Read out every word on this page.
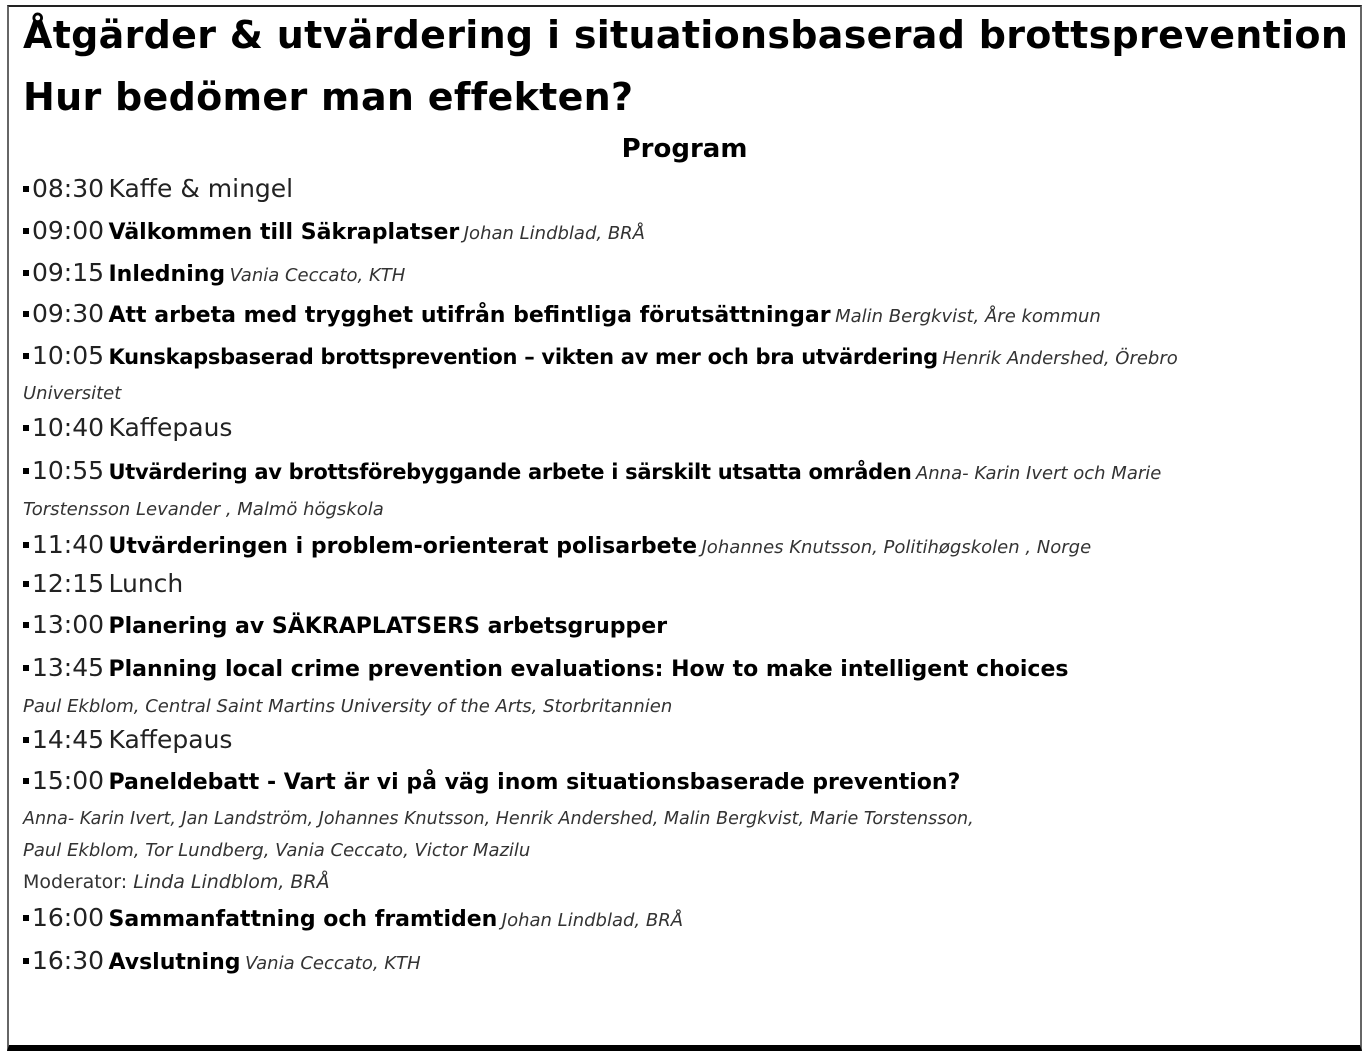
Åtgärder & utvärdering i situationsbaserad brottsprevention
Hur bedömer man effekten?
Program
08:30 Kaffe & mingel
09:00 Välkommen till Säkraplatser Johan Lindblad, BRÅ
09:15 Inledning Vania Ceccato, KTH
09:30 Att arbeta med trygghet utifrån befintliga förutsättningar Malin Bergkvist, Åre kommun
10:05 Kunskapsbaserad brottsprevention – vikten av mer och bra utvärdering Henrik Andershed, Örebro
Universitet
10:40 Kaffepaus
10:55 Utvärdering av brottsförebyggande arbete i särskilt utsatta områden Anna- Karin Ivert och Marie
Torstensson Levander , Malmö högskola
11:40 Utvärderingen i problem-orienterat polisarbete Johannes Knutsson, Politihøgskolen , Norge
12:15 Lunch
13:00 Planering av SÄKRAPLATSERS arbetsgrupper
13:45 Planning local crime prevention evaluations: How to make intelligent choices
Paul Ekblom, Central Saint Martins University of the Arts, Storbritannien
14:45 Kaffepaus
15:00 Paneldebatt - Vart är vi på väg inom situationsbaserade prevention?
Anna- Karin Ivert, Jan Landström, Johannes Knutsson, Henrik Andershed, Malin Bergkvist, Marie Torstensson,
Paul Ekblom, Tor Lundberg, Vania Ceccato, Victor Mazilu
Moderator: Linda Lindblom, BRÅ
16:00 Sammanfattning och framtiden Johan Lindblad, BRÅ
16:30 Avslutning Vania Ceccato, KTH
